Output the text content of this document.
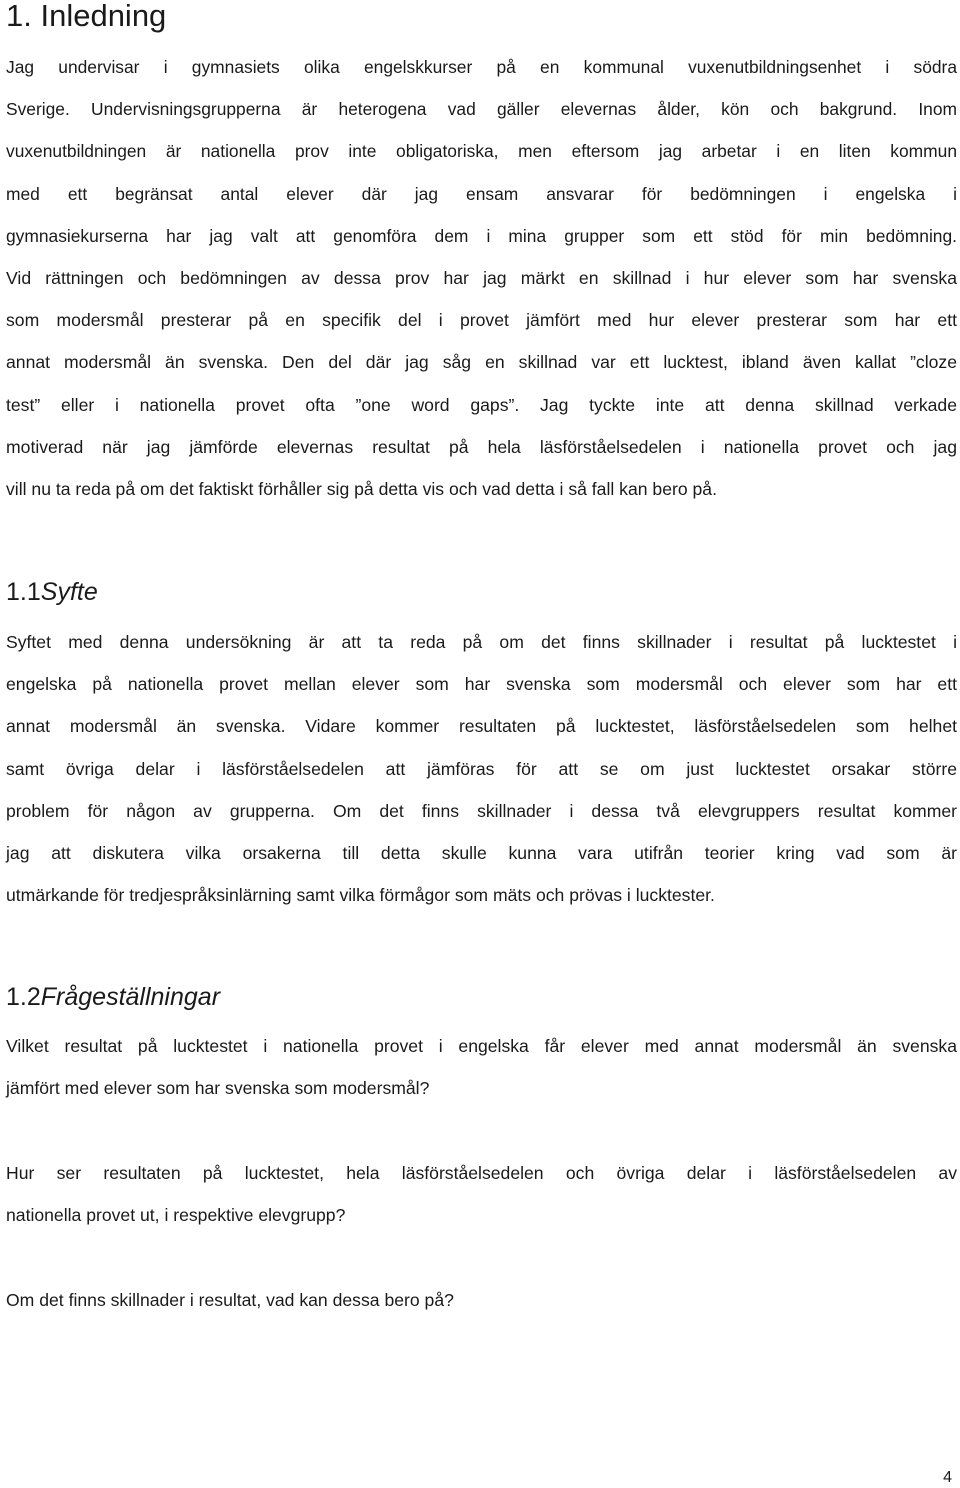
1. Inledning
Jag undervisar i gymnasiets olika engelskkurser på en kommunal vuxenutbildningsenhet i södra
Sverige. Undervisningsgrupperna är heterogena vad gäller elevernas ålder, kön och bakgrund. Inom
vuxenutbildningen är nationella prov inte obligatoriska, men eftersom jag arbetar i en liten kommun
med ett begränsat antal elever där jag ensam ansvarar för bedömningen i engelska i
gymnasiekurserna har jag valt att genomföra dem i mina grupper som ett stöd för min bedömning.
Vid rättningen och bedömningen av dessa prov har jag märkt en skillnad i hur elever som har svenska
som modersmål presterar på en specifik del i provet jämfört med hur elever presterar som har ett
annat modersmål än svenska. Den del där jag såg en skillnad var ett lucktest, ibland även kallat ”cloze
test” eller i nationella provet ofta ”one word gaps”. Jag tyckte inte att denna skillnad verkade
motiverad när jag jämförde elevernas resultat på hela läsförståelsedelen i nationella provet och jag
vill nu ta reda på om det faktiskt förhåller sig på detta vis och vad detta i så fall kan bero på.
1.1Syfte
Syftet med denna undersökning är att ta reda på om det finns skillnader i resultat på lucktestet i
engelska på nationella provet mellan elever som har svenska som modersmål och elever som har ett
annat modersmål än svenska. Vidare kommer resultaten på lucktestet, läsförståelsedelen som helhet
samt övriga delar i läsförståelsedelen att jämföras för att se om just lucktestet orsakar större
problem för någon av grupperna. Om det finns skillnader i dessa två elevgruppers resultat kommer
jag att diskutera vilka orsakerna till detta skulle kunna vara utifrån teorier kring vad som är
utmärkande för tredjespråksinlärning samt vilka förmågor som mäts och prövas i lucktester.
1.2Frågeställningar
Vilket resultat på lucktestet i nationella provet i engelska får elever med annat modersmål än svenska
jämfört med elever som har svenska som modersmål?
Hur ser resultaten på lucktestet, hela läsförståelsedelen och övriga delar i läsförståelsedelen av
nationella provet ut, i respektive elevgrupp?
Om det finns skillnader i resultat, vad kan dessa bero på?
4
